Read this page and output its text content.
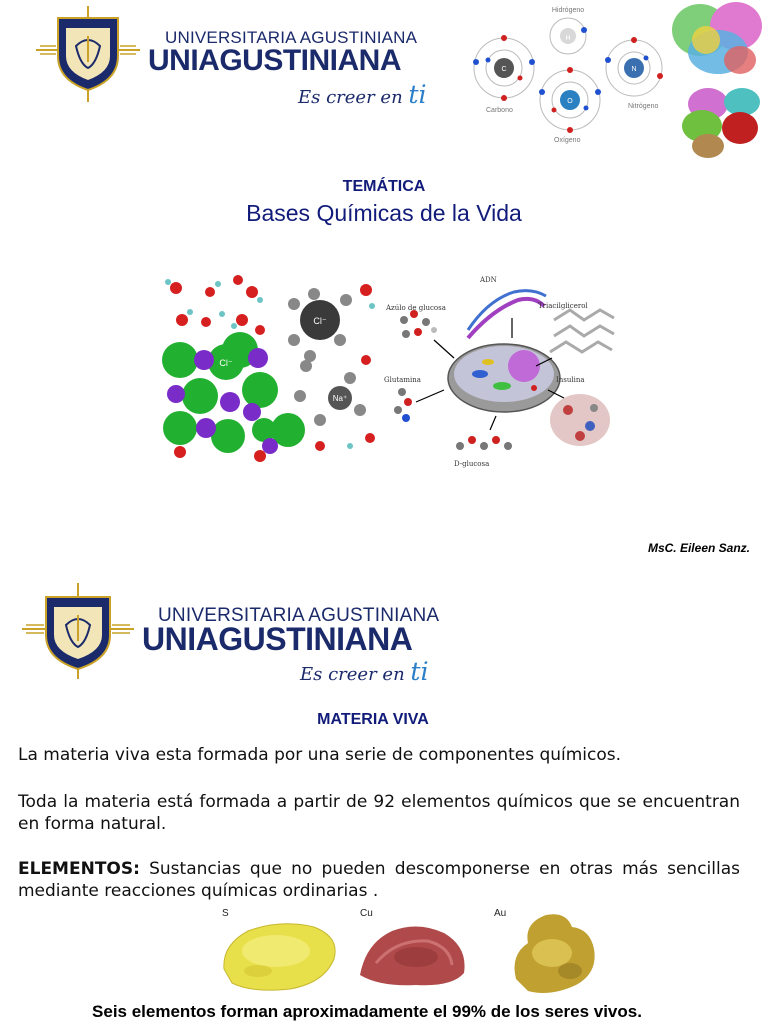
UNIVERSITARIA AGUSTINIANA
UNIAGUSTINIANA
Es creer en ti
H
Hidrógeno
C
Carbono
N
Nitrógeno
O
Oxígeno
TEMÁTICA
Bases Químicas de la Vida
Cl⁻
Na⁺
Cl⁻
ADN
Azúlo de glucosa	Triacilglicerol
Glutamina	Insulina
D-glucosa
MsC. Eileen Sanz.
UNIVERSITARIA AGUSTINIANA
UNIAGUSTINIANA
Es creer en ti
MATERIA VIVA
La materia viva esta formada por una serie de componentes químicos.
Toda la materia está formada a partir de 92 elementos químicos que se encuentran en forma natural.
ELEMENTOS: Sustancias que no pueden descomponerse en otras más sencillas mediante reacciones químicas ordinarias .
S	Cu	Au
Seis elementos forman aproximadamente el 99% de los seres vivos.
